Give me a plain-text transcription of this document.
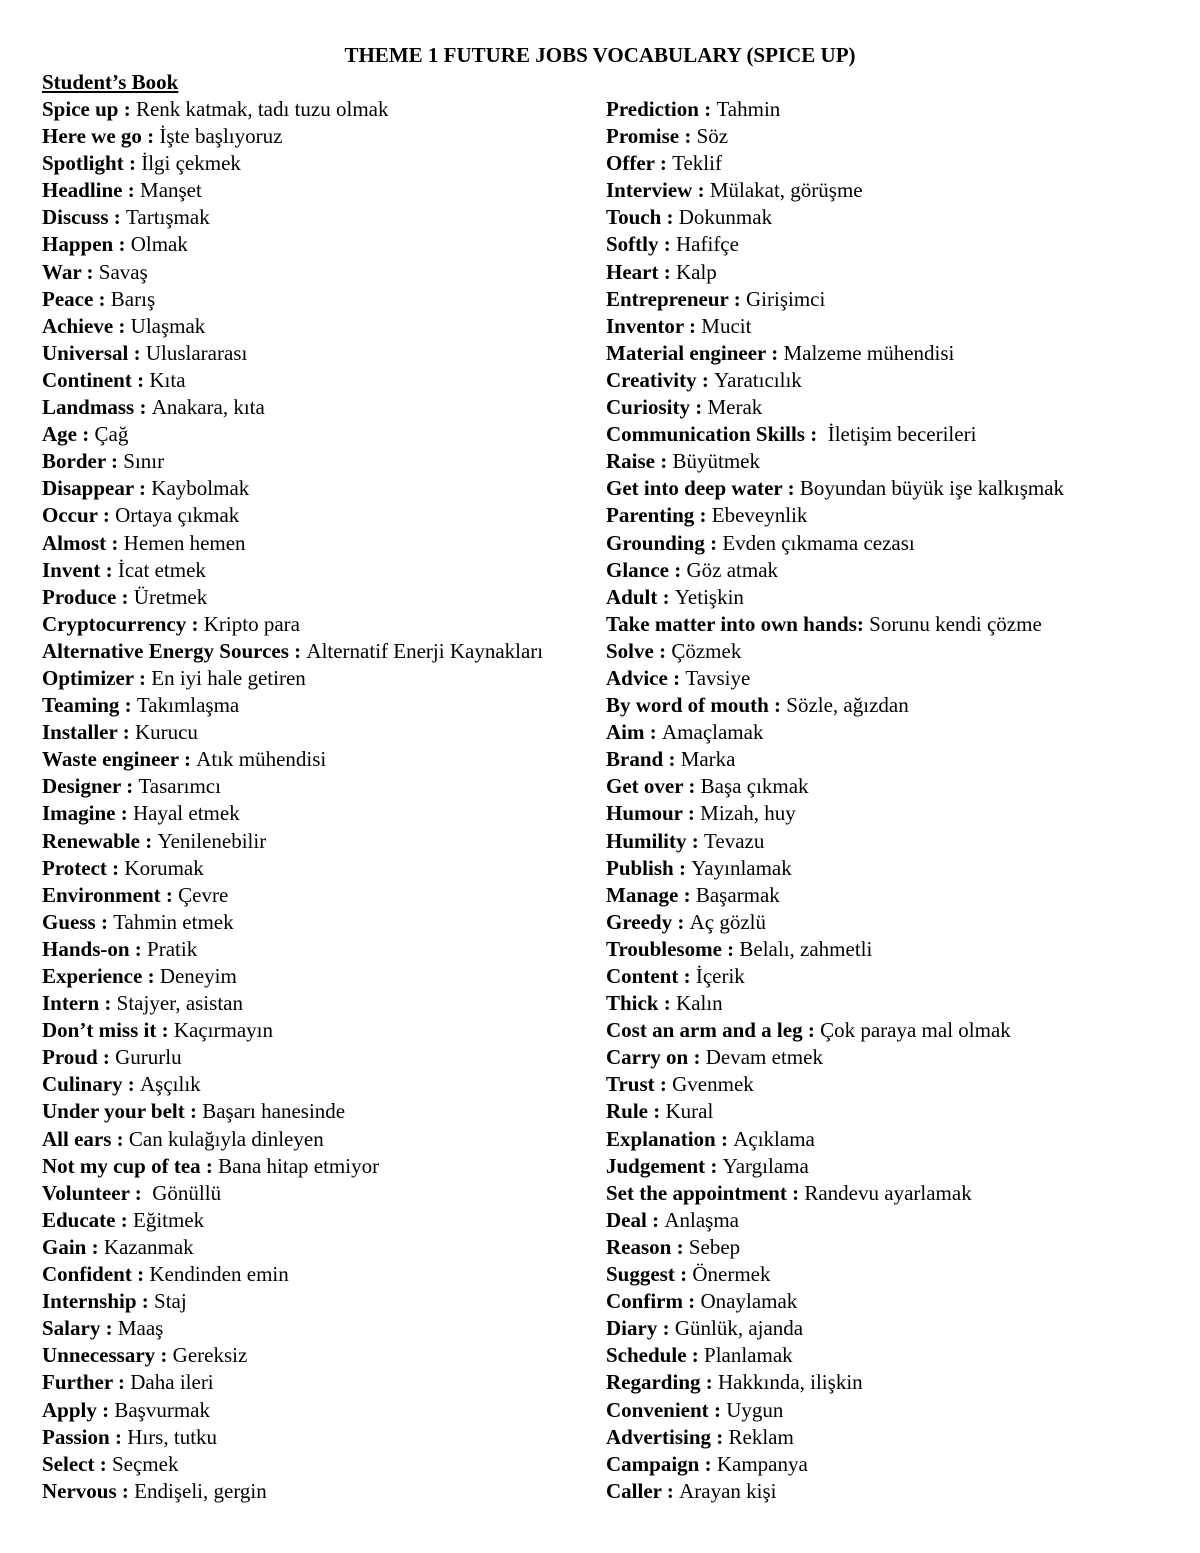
THEME 1 FUTURE JOBS VOCABULARY (SPICE UP)
Student’s Book
Spice up : Renk katmak, tadı tuzu olmak
Here we go : İşte başlıyoruz
Spotlight : İlgi çekmek
Headline : Manşet
Discuss : Tartışmak
Happen : Olmak
War : Savaş
Peace : Barış
Achieve : Ulaşmak
Universal : Uluslararası
Continent : Kıta
Landmass : Anakara, kıta
Age : Çağ
Border : Sınır
Disappear : Kaybolmak
Occur : Ortaya çıkmak
Almost : Hemen hemen
Invent : İcat etmek
Produce : Üretmek
Cryptocurrency : Kripto para
Alternative Energy Sources : Alternatif Enerji Kaynakları
Optimizer : En iyi hale getiren
Teaming : Takımlaşma
Installer : Kurucu
Waste engineer : Atık mühendisi
Designer : Tasarımcı
Imagine : Hayal etmek
Renewable : Yenilenebilir
Protect : Korumak
Environment : Çevre
Guess : Tahmin etmek
Hands-on : Pratik
Experience : Deneyim
Intern : Stajyer, asistan
Don’t miss it : Kaçırmayın
Proud : Gururlu
Culinary : Aşçılık
Under your belt : Başarı hanesinde
All ears : Can kulağıyla dinleyen
Not my cup of tea : Bana hitap etmiyor
Volunteer :  Gönüllü
Educate : Eğitmek
Gain : Kazanmak
Confident : Kendinden emin
Internship : Staj
Salary : Maaş
Unnecessary : Gereksiz
Further : Daha ileri
Apply : Başvurmak
Passion : Hırs, tutku
Select : Seçmek
Nervous : Endişeli, gergin
Prediction : Tahmin
Promise : Söz
Offer : Teklif
Interview : Mülakat, görüşme
Touch : Dokunmak
Softly : Hafifçe
Heart : Kalp
Entrepreneur : Girişimci
Inventor : Mucit
Material engineer : Malzeme mühendisi
Creativity : Yaratıcılık
Curiosity : Merak
Communication Skills :  İletişim becerileri
Raise : Büyütmek
Get into deep water : Boyundan büyük işe kalkışmak
Parenting : Ebeveynlik
Grounding : Evden çıkmama cezası
Glance : Göz atmak
Adult : Yetişkin
Take matter into own hands: Sorunu kendi çözme
Solve : Çözmek
Advice : Tavsiye
By word of mouth : Sözle, ağızdan
Aim : Amaçlamak
Brand : Marka
Get over : Başa çıkmak
Humour : Mizah, huy
Humility : Tevazu
Publish : Yayınlamak
Manage : Başarmak
Greedy : Aç gözlü
Troublesome : Belalı, zahmetli
Content : İçerik
Thick : Kalın
Cost an arm and a leg : Çok paraya mal olmak
Carry on : Devam etmek
Trust : Gvenmek
Rule : Kural
Explanation : Açıklama
Judgement : Yargılama
Set the appointment : Randevu ayarlamak
Deal : Anlaşma
Reason : Sebep
Suggest : Önermek
Confirm : Onaylamak
Diary : Günlük, ajanda
Schedule : Planlamak
Regarding : Hakkında, ilişkin
Convenient : Uygun
Advertising : Reklam
Campaign : Kampanya
Caller : Arayan kişi
